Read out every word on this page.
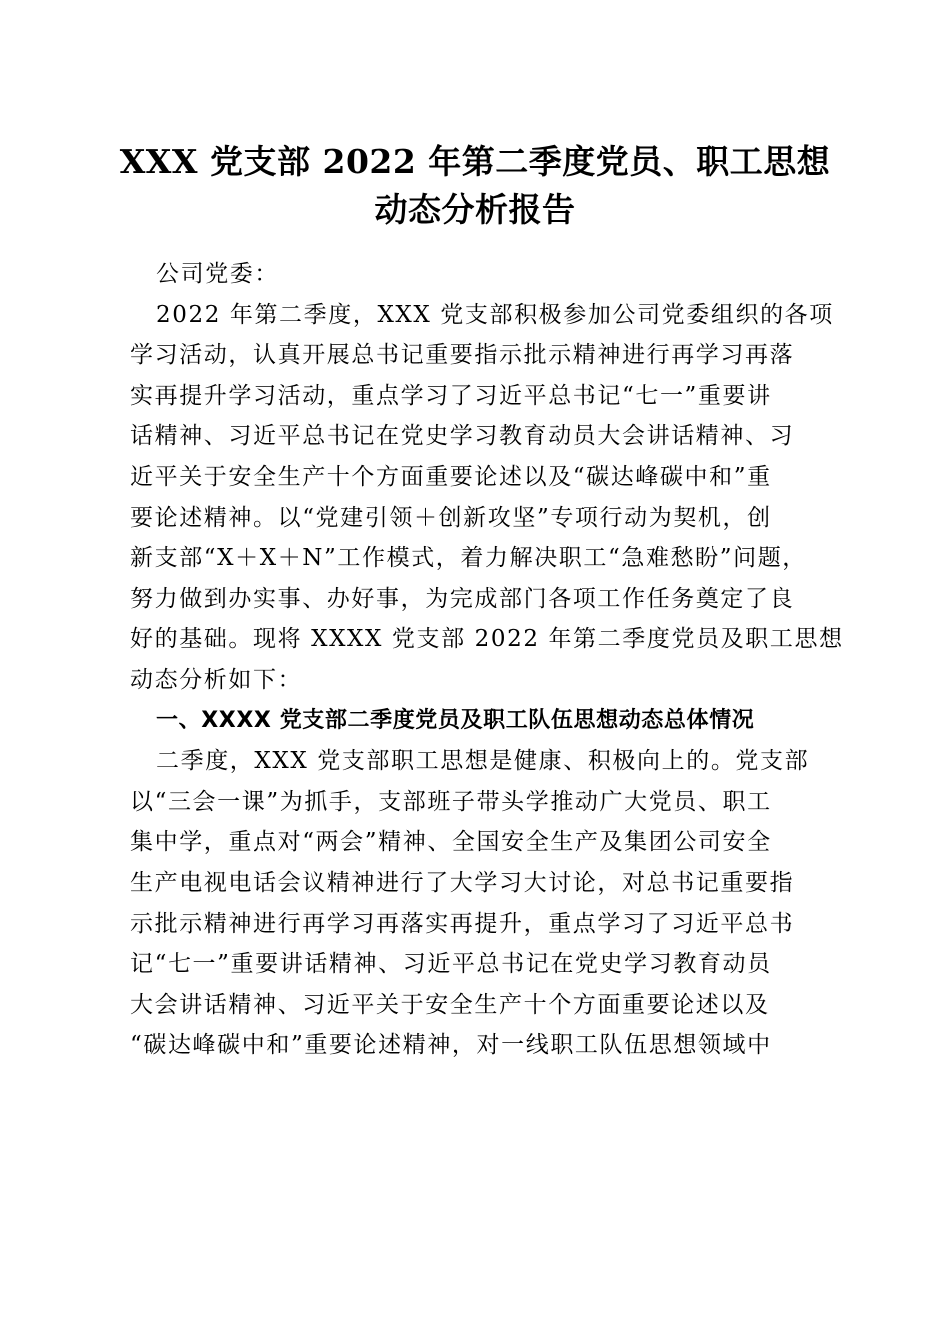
XXX 党支部 2022 年第二季度党员、职工思想
动态分析报告
公司党委：
2022 年第二季度，XXX 党支部积极参加公司党委组织的各项
学习活动，认真开展总书记重要指示批示精神进行再学习再落
实再提升学习活动，重点学习了习近平总书记“七一”重要讲
话精神、习近平总书记在党史学习教育动员大会讲话精神、习
近平关于安全生产十个方面重要论述以及“碳达峰碳中和”重
要论述精神。以“党建引领＋创新攻坚”专项行动为契机，创
新支部“X＋X＋N”工作模式，着力解决职工“急难愁盼”问题，
努力做到办实事、办好事，为完成部门各项工作任务奠定了良
好的基础。现将 XXXX 党支部 2022 年第二季度党员及职工思想
动态分析如下：
一、XXXX 党支部二季度党员及职工队伍思想动态总体情况
二季度，XXX 党支部职工思想是健康、积极向上的。党支部
以“三会一课”为抓手，支部班子带头学推动广大党员、职工
集中学，重点对“两会”精神、全国安全生产及集团公司安全
生产电视电话会议精神进行了大学习大讨论，对总书记重要指
示批示精神进行再学习再落实再提升，重点学习了习近平总书
记“七一”重要讲话精神、习近平总书记在党史学习教育动员
大会讲话精神、习近平关于安全生产十个方面重要论述以及
“碳达峰碳中和”重要论述精神，对一线职工队伍思想领域中
